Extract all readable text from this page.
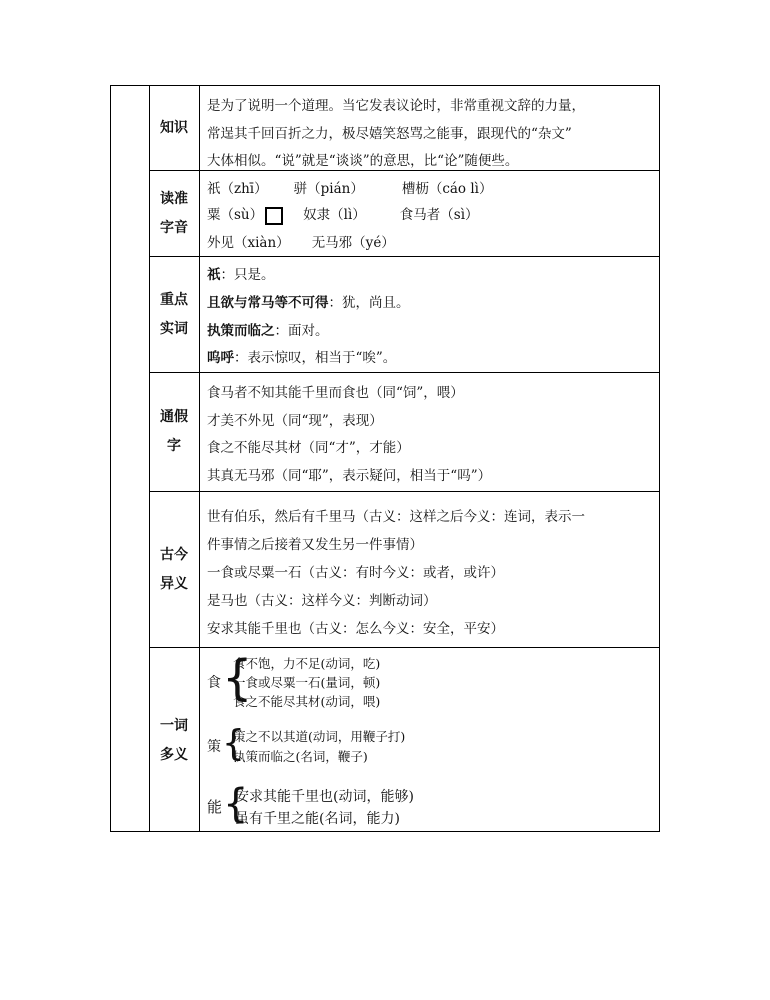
知识
是为了说明一个道理。当它发表议论时，非常重视文辞的力量，
常逞其千回百折之力，极尽嬉笑怒骂之能事，跟现代的“杂文”
大体相似。“说”就是“谈谈”的意思，比“论”随便些。
读准
字音
祇（zhī） 骈（pián）	槽枥（cáo lì）
粟（sù）	奴隶（lì）	食马者（sì）
外见（xiàn） 无马邪（yé）
重点
实词
祇：只是。
且欲与常马等不可得：犹，尚且。
执策而临之：面对。
呜呼：表示惊叹，相当于“唉”。
通假
字
食马者不知其能千里而食也（同“饲”，喂）
才美不外见（同“现”，表现）
食之不能尽其材（同“才”，才能）
其真无马邪（同“耶”，表示疑问，相当于“吗”）
古今
异义
世有伯乐，然后有千里马（古义：这样之后今义：连词，表示一
件事情之后接着又发生另一件事情）
一食或尽粟一石（古义：有时今义：或者，或许）
是马也（古义：这样今义：判断动词）
安求其能千里也（古义：怎么今义：安全，平安）
一词
多义
食 {
食不饱，力不足(动词，吃)
一食或尽粟一石(量词，顿)
食之不能尽其材(动词，喂)
策 {
策之不以其道(动词，用鞭子打)
执策而临之(名词，鞭子)
能 {
安求其能千里也(动词，能够)
虽有千里之能(名词，能力)
